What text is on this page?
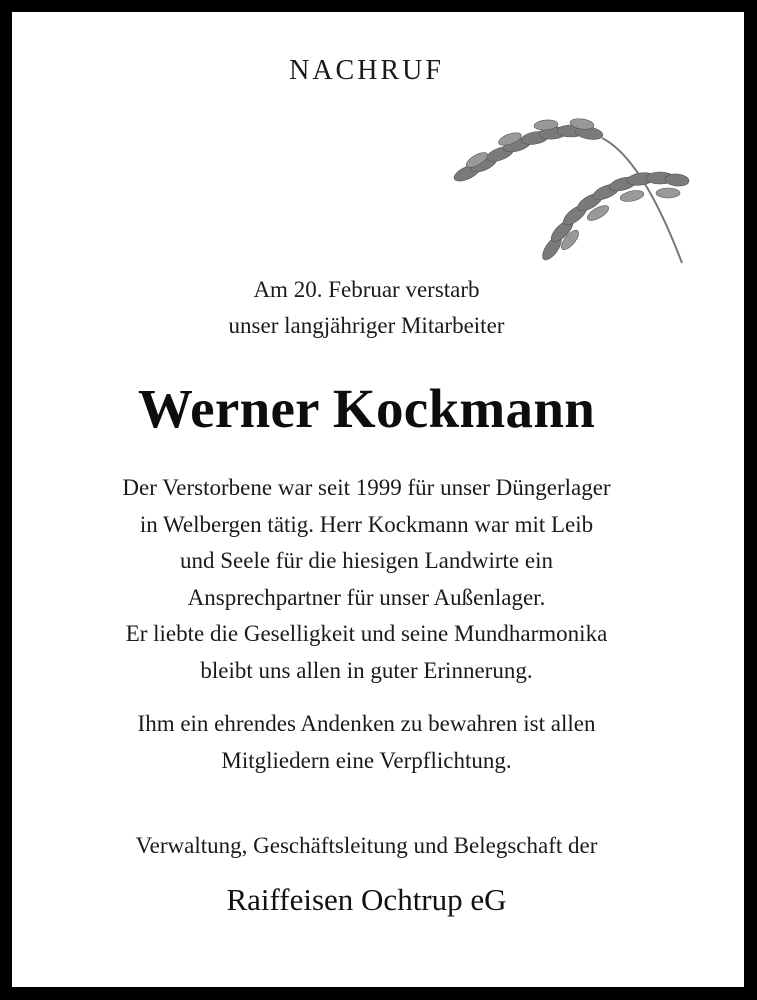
NACHRUF
Am 20. Februar verstarb
unser langjähriger Mitarbeiter
Werner Kockmann
Der Verstorbene war seit 1999 für unser Düngerlager
in Welbergen tätig. Herr Kockmann war mit Leib
und Seele für die hiesigen Landwirte ein
Ansprechpartner für unser Außenlager.
Er liebte die Geselligkeit und seine Mundharmonika
bleibt uns allen in guter Erinnerung.
Ihm ein ehrendes Andenken zu bewahren ist allen
Mitgliedern eine Verpflichtung.
Verwaltung, Geschäftsleitung und Belegschaft der
Raiffeisen Ochtrup eG
